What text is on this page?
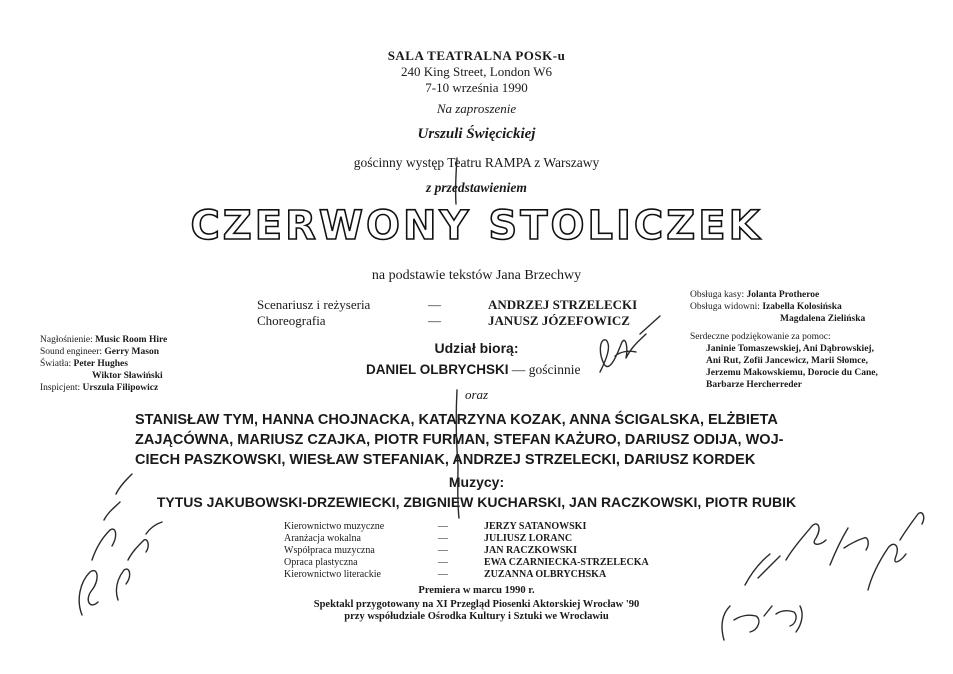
SALA TEATRALNA POSK-u
240 King Street, London W6
7-10 września 1990
Na zaproszenie
Urszuli Święcickiej
gościnny występ Teatru RAMPA z Warszawy
z przedstawieniem
CZERWONY STOLICZEK
na podstawie tekstów Jana Brzechwy
Scenariusz i reżyseria	—	ANDRZEJ STRZELECKI
Choreografia	—	JANUSZ JÓZEFOWICZ
Nagłośnienie: Music Room Hire
Sound engineer: Gerry Mason
Światła: Peter Hughes
Wiktor Sławiński
Inspicjent: Urszula Filipowicz
Obsługa kasy: Jolanta Protheroe
Obsługa widowni: Izabella Kolosińska
Magdalena Zielińska
Serdeczne podziękowanie za pomoc:
Janinie Tomaszewskiej, Ani Dąbrowskiej,
Ani Rut, Zofii Jancewicz, Marii Słomce,
Jerzemu Makowskiemu, Dorocie du Cane,
Barbarze Hercherreder
Udział biorą:
DANIEL OLBRYCHSKI — gościnnie
oraz
STANISŁAW TYM, HANNA CHOJNACKA, KATARZYNA KOZAK, ANNA ŚCIGALSKA, ELŻBIETA
ZAJĄCÓWNA, MARIUSZ CZAJKA, PIOTR FURMAN, STEFAN KAŻURO, DARIUSZ ODIJA, WOJ-
CIECH PASZKOWSKI, WIESŁAW STEFANIAK, ANDRZEJ STRZELECKI, DARIUSZ KORDEK
Muzycy:
TYTUS JAKUBOWSKI-DRZEWIECKI, ZBIGNIEW KUCHARSKI, JAN RACZKOWSKI, PIOTR RUBIK
Kierownictwo muzyczne	—	JERZY SATANOWSKI
Aranżacja wokalna	—	JULIUSZ LORANC
Współpraca muzyczna	—	JAN RACZKOWSKI
Opraca plastyczna	—	EWA CZARNIECKA-STRZELECKA
Kierownictwo literackie	—	ZUZANNA OLBRYCHSKA
Premiera w marcu 1990 r.
Spektakl przygotowany na XI Przegląd Piosenki Aktorskiej Wrocław '90
przy współudziale Ośrodka Kultury i Sztuki we Wrocławiu
